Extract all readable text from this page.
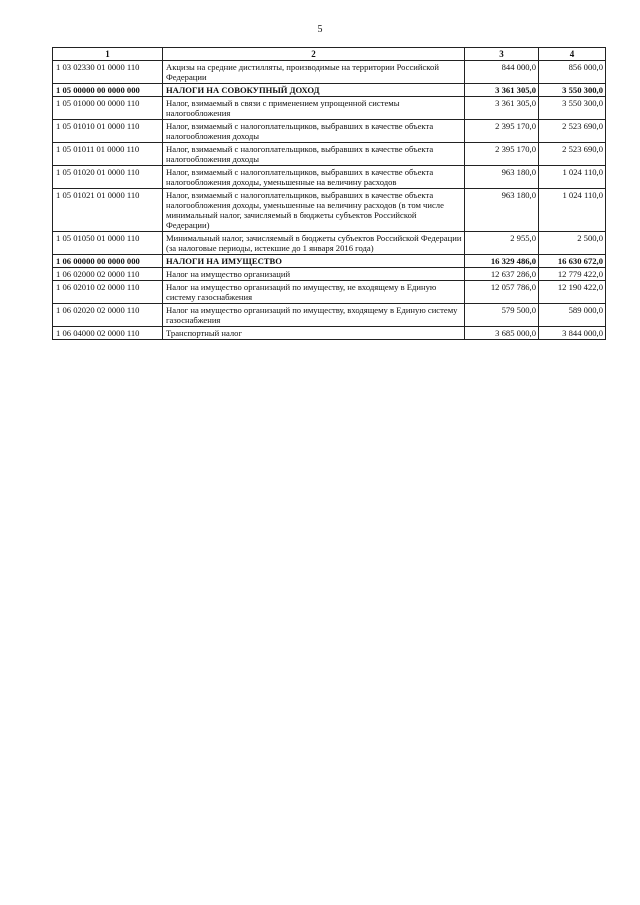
5
1	2	3	4
1 03 02330 01 0000 110	Акцизы на средние дистилляты, производимые на территории Российской Федерации	844 000,0	856 000,0
1 05 00000 00 0000 000	НАЛОГИ НА СОВОКУПНЫЙ ДОХОД	3 361 305,0	3 550 300,0
1 05 01000 00 0000 110	Налог, взимаемый в связи с применением упрощенной системы налогообложения	3 361 305,0	3 550 300,0
1 05 01010 01 0000 110	Налог, взимаемый с налогоплательщиков, выбравших в качестве объекта налогообложения доходы	2 395 170,0	2 523 690,0
1 05 01011 01 0000 110	Налог, взимаемый с налогоплательщиков, выбравших в качестве объекта налогообложения доходы	2 395 170,0	2 523 690,0
1 05 01020 01 0000 110	Налог, взимаемый с налогоплательщиков, выбравших в качестве объекта налогообложения доходы, уменьшенные на величину расходов	963 180,0	1 024 110,0
1 05 01021 01 0000 110	Налог, взимаемый с налогоплательщиков, выбравших в качестве объекта налогообложения доходы, уменьшенные на величину расходов (в том числе минимальный налог, зачисляемый в бюджеты субъектов Российской Федерации)	963 180,0	1 024 110,0
1 05 01050 01 0000 110	Минимальный налог, зачисляемый в бюджеты субъектов Российской Федерации (за налоговые периоды, истекшие до 1 января 2016 года)	2 955,0	2 500,0
1 06 00000 00 0000 000	НАЛОГИ НА ИМУЩЕСТВО	16 329 486,0	16 630 672,0
1 06 02000 02 0000 110	Налог на имущество организаций	12 637 286,0	12 779 422,0
1 06 02010 02 0000 110	Налог на имущество организаций по имуществу, не входящему в Единую систему газоснабжения	12 057 786,0	12 190 422,0
1 06 02020 02 0000 110	Налог на имущество организаций по имуществу, входящему в Единую систему газоснабжения	579 500,0	589 000,0
1 06 04000 02 0000 110	Транспортный налог	3 685 000,0	3 844 000,0
